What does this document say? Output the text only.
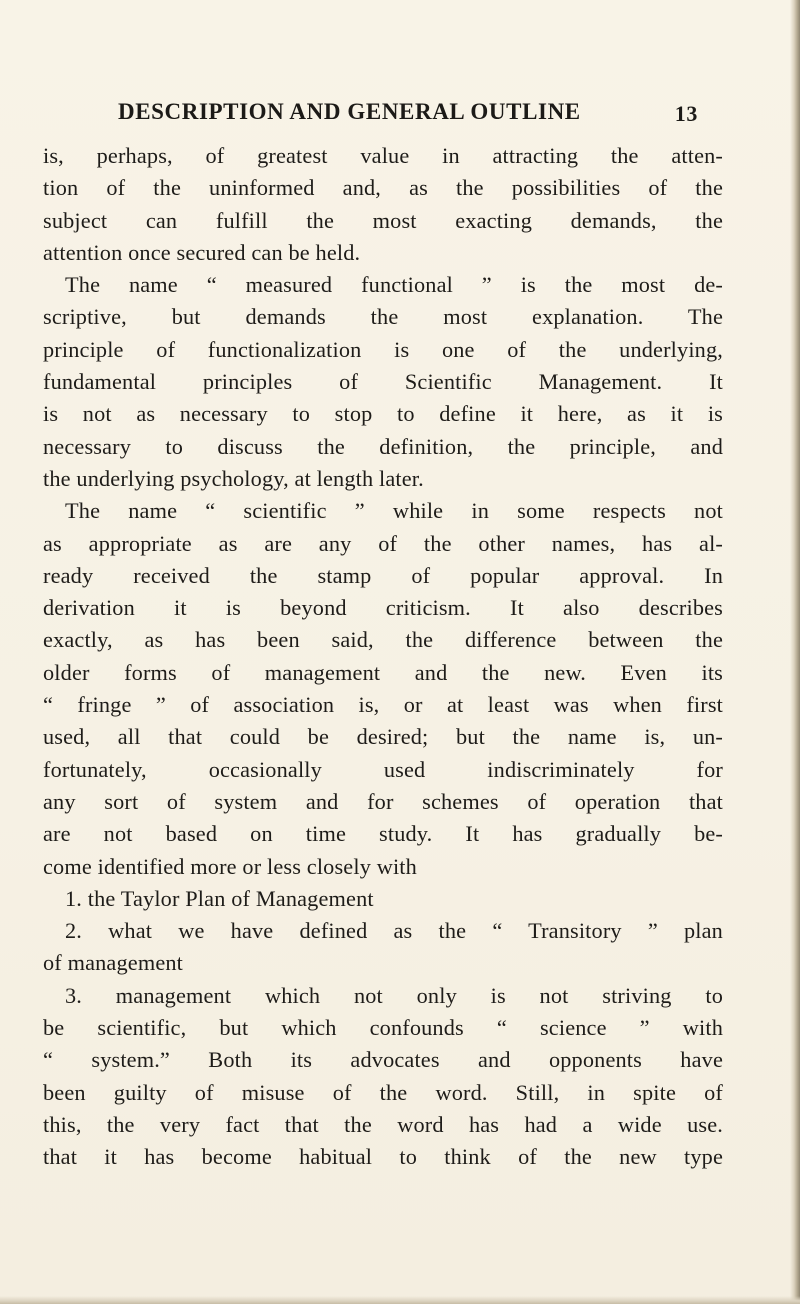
DESCRIPTION AND GENERAL OUTLINE	13
is, perhaps, of greatest value in attracting the atten-
tion of the uninformed and, as the possibilities of the
subject can fulfill the most exacting demands, the
attention once secured can be held.
The name “ measured functional ” is the most de-
scriptive, but demands the most explanation. The
principle of functionalization is one of the underlying,
fundamental principles of Scientific Management. It
is not as necessary to stop to define it here, as it is
necessary to discuss the definition, the principle, and
the underlying psychology, at length later.
The name “ scientific ” while in some respects not
as appropriate as are any of the other names, has al-
ready received the stamp of popular approval. In
derivation it is beyond criticism. It also describes
exactly, as has been said, the difference between the
older forms of management and the new. Even its
“ fringe ” of association is, or at least was when first
used, all that could be desired; but the name is, un-
fortunately, occasionally used indiscriminately for
any sort of system and for schemes of operation that
are not based on time study. It has gradually be-
come identified more or less closely with
1. the Taylor Plan of Management
2. what we have defined as the “ Transitory ” plan
of management
3. management which not only is not striving to
be scientific, but which confounds “ science ” with
“ system.” Both its advocates and opponents have
been guilty of misuse of the word. Still, in spite of
this, the very fact that the word has had a wide use.
that it has become habitual to think of the new type
